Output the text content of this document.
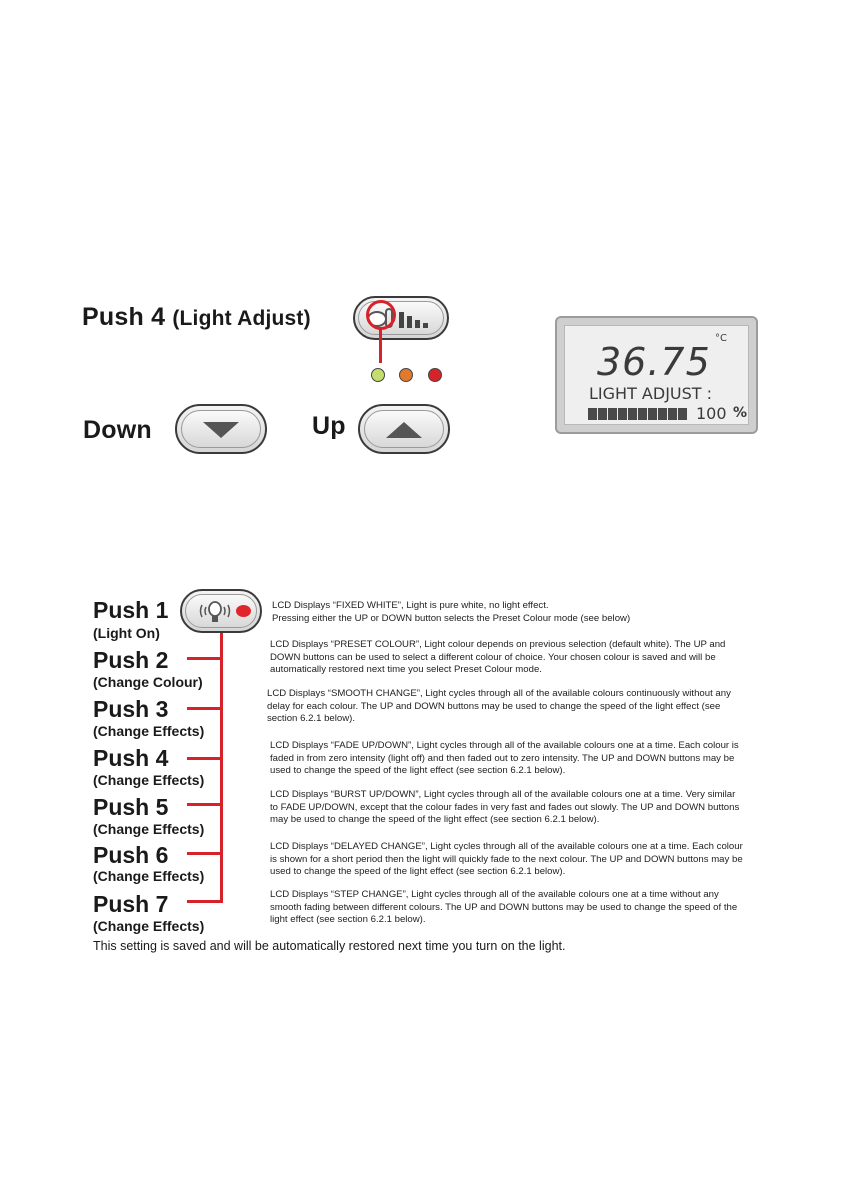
Push 4 (Light Adjust)
Down	Up
°C
36.75
LIGHT ADJUST :
100 %
Push 1
(Light On)
Push 2
(Change Colour)
Push 3
(Change Effects)
Push 4
(Change Effects)
Push 5
(Change Effects)
Push 6
(Change Effects)
Push 7
(Change Effects)
LCD Displays “FIXED WHITE”, Light is pure white, no light effect.
Pressing either the UP or DOWN button selects the Preset Colour mode (see below)
LCD Displays “PRESET COLOUR”, Light colour depends on previous selection (default white). The UP and
DOWN buttons can be used to select a different colour of choice. Your chosen colour is saved and will be
automatically restored next time you select Preset Colour mode.
LCD Displays “SMOOTH CHANGE”, Light cycles through all of the available colours continuously without any
delay for each colour. The UP and DOWN buttons may be used to change the speed of the light effect (see
section 6.2.1 below).
LCD Displays “FADE UP/DOWN”, Light cycles through all of the available colours one at a time. Each colour is
faded in from zero intensity (light off) and then faded out to zero intensity. The UP and DOWN buttons may be
used to change the speed of the light effect (see section 6.2.1 below).
LCD Displays “BURST UP/DOWN”, Light cycles through all of the available colours one at a time. Very similar
to FADE UP/DOWN, except that the colour fades in very fast and fades out slowly. The UP and DOWN buttons
may be used to change the speed of the light effect (see section 6.2.1 below).
LCD Displays “DELAYED CHANGE”, Light cycles through all of the available colours one at a time. Each colour
is shown for a short period then the light will quickly fade to the next colour. The UP and DOWN buttons may be
used to change the speed of the light effect (see section 6.2.1 below).
LCD Displays “STEP CHANGE”, Light cycles through all of the available colours one at a time without any
smooth fading between different colours. The UP and DOWN buttons may be used to change the speed of the
light effect (see section 6.2.1 below).
This setting is saved and will be automatically restored next time you turn on the light.
